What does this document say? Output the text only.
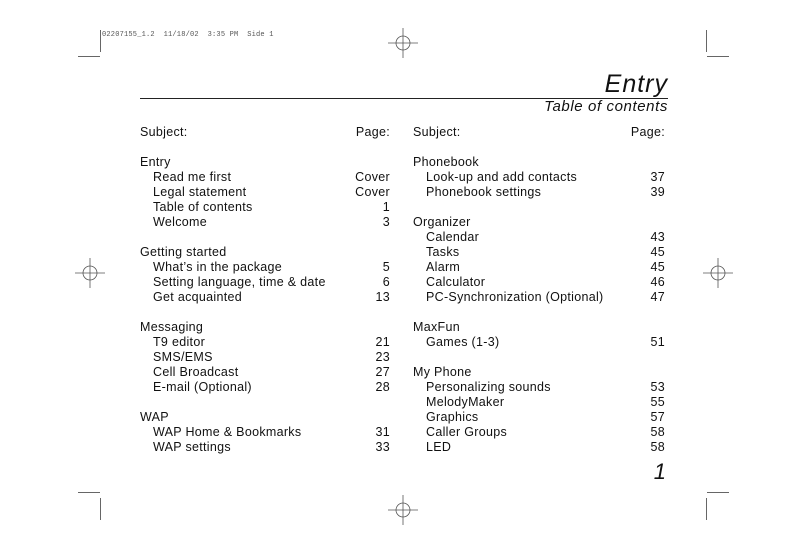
02207155_1.2  11/18/02  3:35 PM  Side 1
Entry
Table of contents
Subject:	Page:
Entry
Read me first	Cover
Legal statement	Cover
Table of contents	1
Welcome	3
Getting started
What’s in the package	5
Setting language, time & date	6
Get acquainted	13
Messaging
T9 editor	21
SMS/EMS	23
Cell Broadcast	27
E-mail (Optional)	28
WAP
WAP Home & Bookmarks	31
WAP settings	33
Subject:	Page:
Phonebook
Look-up and add contacts	37
Phonebook settings	39
Organizer
Calendar	43
Tasks	45
Alarm	45
Calculator	46
PC-Synchronization (Optional)	47
MaxFun
Games (1-3)	51
My Phone
Personalizing sounds	53
MelodyMaker	55
Graphics	57
Caller Groups	58
LED	58
1
